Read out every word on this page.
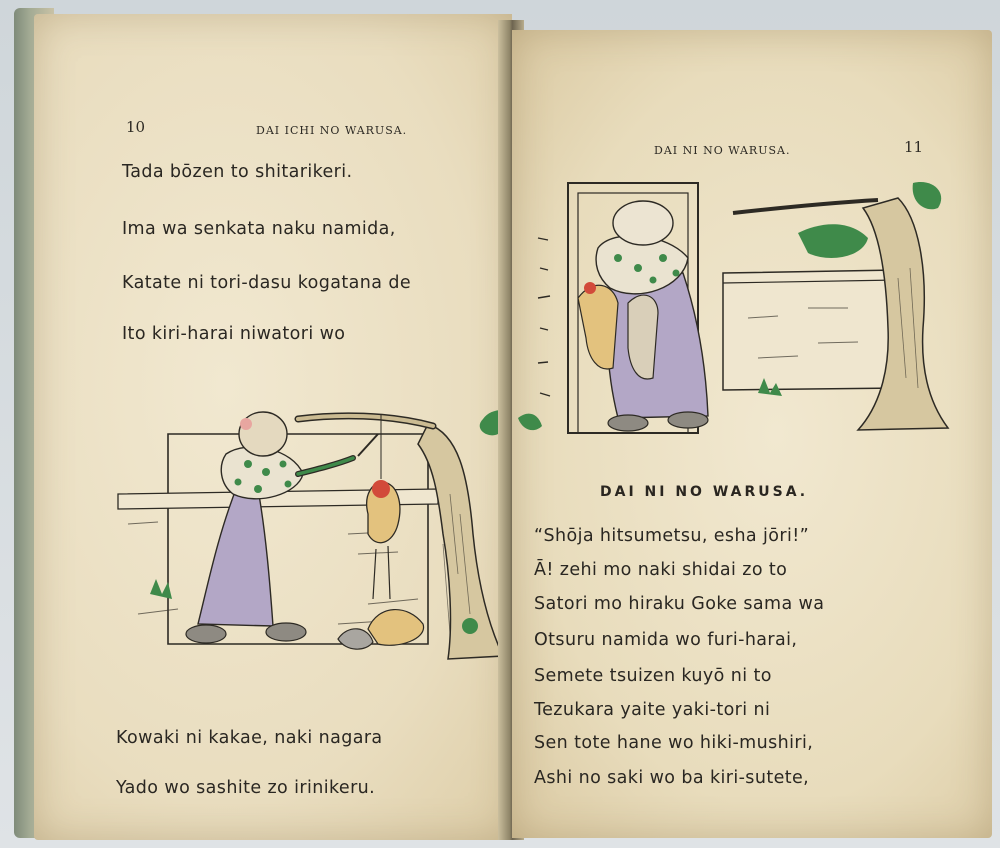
10	DAI ICHI NO WARUSA.
Tada bōzen to shitarikeri.
Ima wa senkata naku namida,
Katate ni tori-dasu kogatana de
Ito kiri-harai niwatori wo
Kowaki ni kakae, naki nagara
Yado wo sashite zo irinikeru.
DAI NI NO WARUSA.	11
DAI NI NO WARUSA.
“Shōja hitsumetsu, esha jōri!”
Ā! zehi mo naki shidai zo to
Satori mo hiraku Goke sama wa
Otsuru namida wo furi-harai,
Semete tsuizen kuyō ni to
Tezukara yaite yaki-tori ni
Sen tote hane wo hiki-mushiri,
Ashi no saki wo ba kiri-sutete,
